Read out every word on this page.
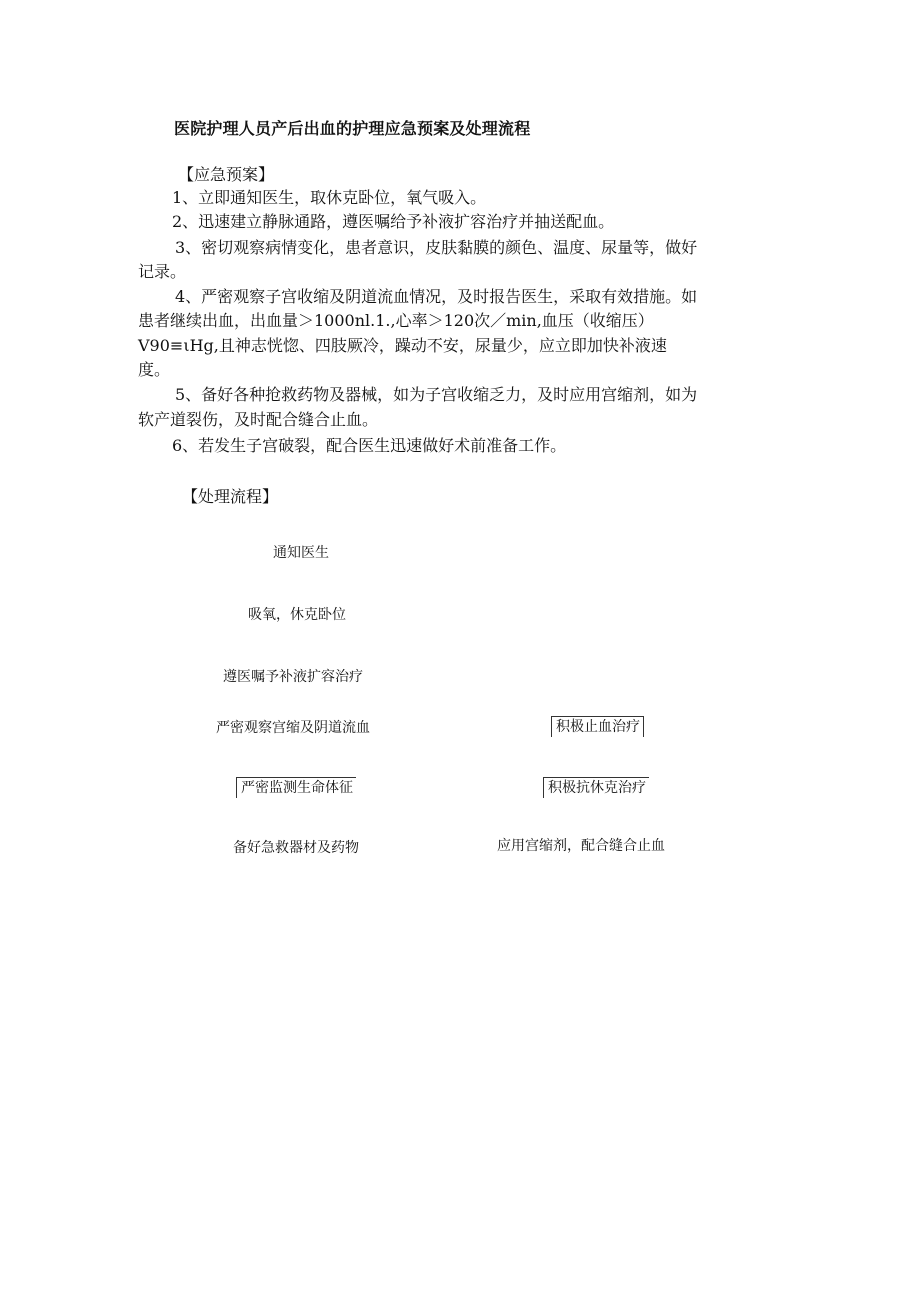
医院护理人员产后出血的护理应急预案及处理流程
【应急预案】
1、立即通知医生，取休克卧位，氧气吸入。
2、迅速建立静脉通路，遵医嘱给予补液扩容治疗并抽送配血。
3、密切观察病情变化，患者意识，皮肤黏膜的颜色、温度、尿量等，做好
记录。
4、严密观察子宫收缩及阴道流血情况，及时报告医生，采取有效措施。如
患者继续出血，出血量＞1000nl.1.,心率＞120次／min,血压（收缩压）
V90≡ιHg,且神志恍惚、四肢厥冷，躁动不安，尿量少，应立即加快补液速
度。
5、备好各种抢救药物及器械，如为子宫收缩乏力，及时应用宫缩剂，如为
软产道裂伤，及时配合缝合止血。
6、若发生子宫破裂，配合医生迅速做好术前准备工作。
【处理流程】
通知医生
吸氧，休克卧位
遵医嘱予补液扩容治疗
严密观察宫缩及阴道流血
严密监测生命体征
备好急救器材及药物
积极止血治疗
积极抗休克治疗
应用宫缩剂，配合缝合止血
